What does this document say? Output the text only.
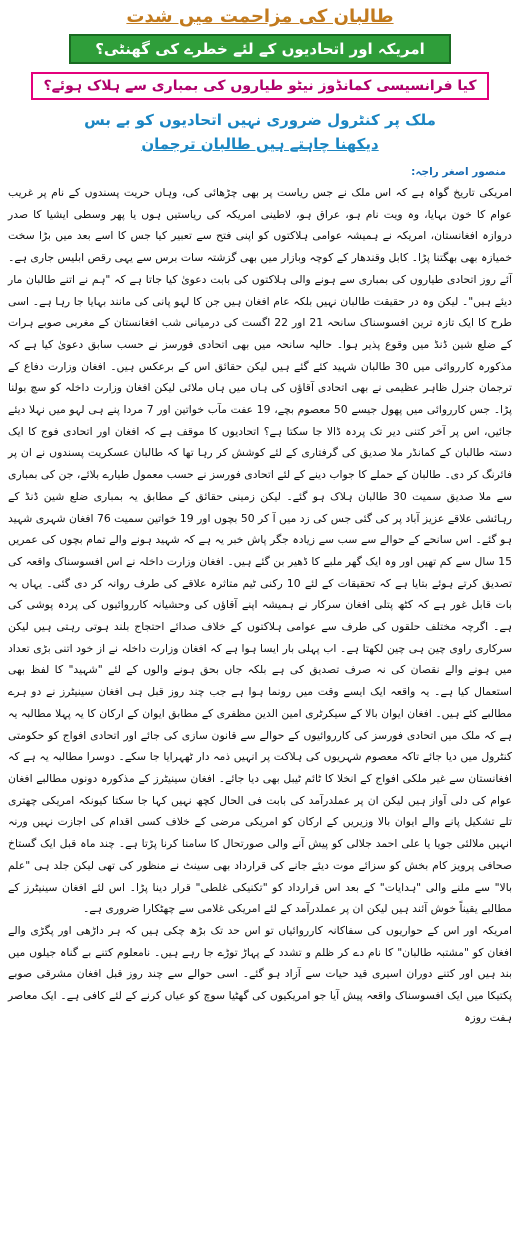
طالبان کی مزاحمت میں شدت
امریکہ اور اتحادیوں کے لئے خطرے کی گھنٹی؟
کیا فرانسیسی کمانڈوز نیٹو طیاروں کی بمباری سے ہلاک ہوئے؟
ملک پر کنٹرول ضروری نہیں اتحادیوں کو بے بس
دیکھنا چاہتے ہیں طالبان ترجمان
منصور اصغر راجہ:

امریکی تاریخ گواہ ہے کہ اس ملک نے جس ریاست پر بھی چڑھائی کی، وہاں حریت پسندوں کے نام پر غریب عوام کا خون بہایا، وہ ویت نام ہو، عراق ہو، لاطینی امریکہ کی ریاستیں ہوں یا پھر وسطی ایشیا کا صدر دروازہ افغانستان، امریکہ نے ہمیشہ عوامی ہلاکتوں کو اپنی فتح سے تعبیر کیا جس کا اسے بعد میں بڑا سخت خمیازہ بھی بھگتنا پڑا۔ کابل وقندھار کے کوچہ وبازار میں بھی گزشتہ سات برس سے یہی رقص ابلیس جاری ہے۔ آئے روز اتحادی طیاروں کی بمباری سے ہونے والی ہلاکتوں کی بابت دعویٰ کیا جاتا ہے کہ "ہم نے اتنے طالبان مار دیئے ہیں"۔ لیکن وہ در حقیقت طالبان نہیں بلکہ عام افغان ہیں جن کا لہو پانی کی مانند بہایا جا رہا ہے۔ اسی طرح کا ایک تازہ ترین افسوسناک سانحہ 21 اور 22 اگست کی درمیانی شب افغانستان کے مغربی صوبے ہرات کے ضلع شین ڈنڈ میں وقوع پذیر ہوا۔ حالیہ سانحہ میں بھی اتحادی فورسز نے حسب سابق دعویٰ کیا ہے کہ مذکورہ کارروائی میں 30 طالبان شہید کئے گئے ہیں لیکن حقائق اس کے برعکس ہیں۔ افغان وزارت دفاع کے ترجمان جنرل ظاہر عظیمی نے بھی اتحادی آقاؤں کی ہاں میں ہاں ملائی لیکن افغان وزارت داخلہ کو سچ بولنا پڑا۔ جس کارروائی میں پھول جیسے 50 معصوم بچے، 19 عفت مآب خواتین اور 7 مردا پنے ہی لہو میں نہلا دیئے جائیں، اس پر آخر کتنی دیر تک پردہ ڈالا جا سکتا ہے؟ اتحادیوں کا موقف ہے کہ افغان اور اتحادی فوج کا ایک دستہ طالبان کے کمانڈر ملا صدیق کی گرفتاری کے لئے کوشش کر رہا تھا کہ طالبان عسکریت پسندوں نے ان پر فائرنگ کر دی۔ طالبان کے حملے کا جواب دینے کے لئے اتحادی فورسز نے حسب معمول طیارے بلائے، جن کی بمباری سے ملا صدیق سمیت 30 طالبان ہلاک ہو گئے۔ لیکن زمینی حقائق کے مطابق یہ بمباری ضلع شین ڈنڈ کے رہائشی علاقے عزیز آباد پر کی گئی جس کی زد میں آ کر 50 بچوں اور 19 خواتین سمیت 76 افغان شہری شہید ہو گئے۔ اس سانحے کے حوالے سے سب سے زیادہ جگر پاش خبر یہ ہے کہ شہید ہونے والے تمام بچوں کی عمریں 15 سال سے کم تھیں اور وہ ایک گھر ملبے کا ڈھیر بن گئے ہیں۔ افغان وزارت داخلہ نے اس افسوسناک واقعہ کی تصدیق کرتے ہوئے بتایا ہے کہ تحقیقات کے لئے 10 رکنی ٹیم متاثرہ علاقے کی طرف روانہ کر دی گئی۔ یہاں یہ بات قابل غور ہے کہ کٹھ پتلی افغان سرکار نے ہمیشہ اپنے آقاؤں کی وحشیانہ کارروائیوں کی پردہ پوشی کی ہے۔ اگرچہ مختلف حلقوں کی طرف سے عوامی ہلاکتوں کے خلاف صدائے احتجاج بلند ہوتی رہتی ہیں لیکن سرکاری راوی چین ہی چین لکھتا ہے۔ اب پہلی بار ایسا ہوا ہے کہ افغان وزارت داخلہ نے از خود اتنی بڑی تعداد میں ہونے والے نقصان کی نہ صرف تصدیق کی ہے بلکہ جاں بحق ہونے والوں کے لئے "شہید" کا لفظ بھی استعمال کیا ہے۔ یہ واقعہ ایک ایسے وقت میں رونما ہوا ہے جب چند روز قبل ہی افغان سینیٹرز نے دو ہرے مطالبے کئے ہیں۔ افغان ایوان بالا کے سیکرٹری امین الدین مظفری کے مطابق ایوان کے ارکان کا یہ پہلا مطالبہ یہ ہے کہ ملک میں اتحادی فورسز کی کارروائیوں کے حوالے سے قانون سازی کی جائے اور اتحادی افواج کو حکومتی کنٹرول میں دیا جائے تاکہ معصوم شہریوں کی ہلاکت پر انہیں ذمہ دار ٹھہرایا جا سکے۔ دوسرا مطالبہ یہ ہے کہ افغانستان سے غیر ملکی افواج کے انخلا کا ٹائم ٹیبل بھی دیا جائے۔ افغان سینیٹرز کے مذکورہ دونوں مطالبے افغان عوام کی دلی آواز ہیں لیکن ان پر عملدرآمد کی بابت فی الحال کچھ نہیں کہا جا سکتا کیونکہ امریکی چھتری تلے تشکیل پانے والے ایوان بالا وزیریں کے ارکان کو امریکی مرضی کے خلاف کسی اقدام کی اجازت نہیں ورنہ انہیں ملالئی جویا یا علی احمد جلالی کو پیش آنے والی صورتحال کا سامنا کرنا پڑتا ہے۔ چند ماہ قبل ایک گستاخ صحافی پرویز کام بخش کو سزائے موت دیئے جانے کی قرارداد بھی سینٹ نے منظور کی تھی لیکن جلد ہی "علم بالا" سے ملنے والی "ہدایات" کے بعد اس قرارداد کو "تکنیکی غلطی" قرار دینا پڑا۔ اس لئے افغان سینیٹرز کے مطالبے یقیناً خوش آئند ہیں لیکن ان پر عملدرآمد کے لئے امریکی غلامی سے چھٹکارا ضروری ہے۔

امریکہ اور اس کے حواریوں کی سفاکانہ کارروائیاں تو اس حد تک بڑھ چکی ہیں کہ ہر داڑھی اور پگڑی والے افغان کو "مشتبہ طالبان" کا نام دے کر ظلم و تشدد کے پہاڑ توڑے جا رہے ہیں۔ نامعلوم کتنے بے گناہ جیلوں میں بند ہیں اور کتنے دوران اسیری قید حیات سے آزاد ہو گئے۔ اسی حوالے سے چند روز قبل افغان مشرقی صوبے پکتیکا میں ایک افسوسناک واقعہ پیش آیا جو امریکیوں کی گھٹیا سوچ کو عیاں کرنے کے لئے کافی ہے۔ ایک معاصر ہفت روزہ
